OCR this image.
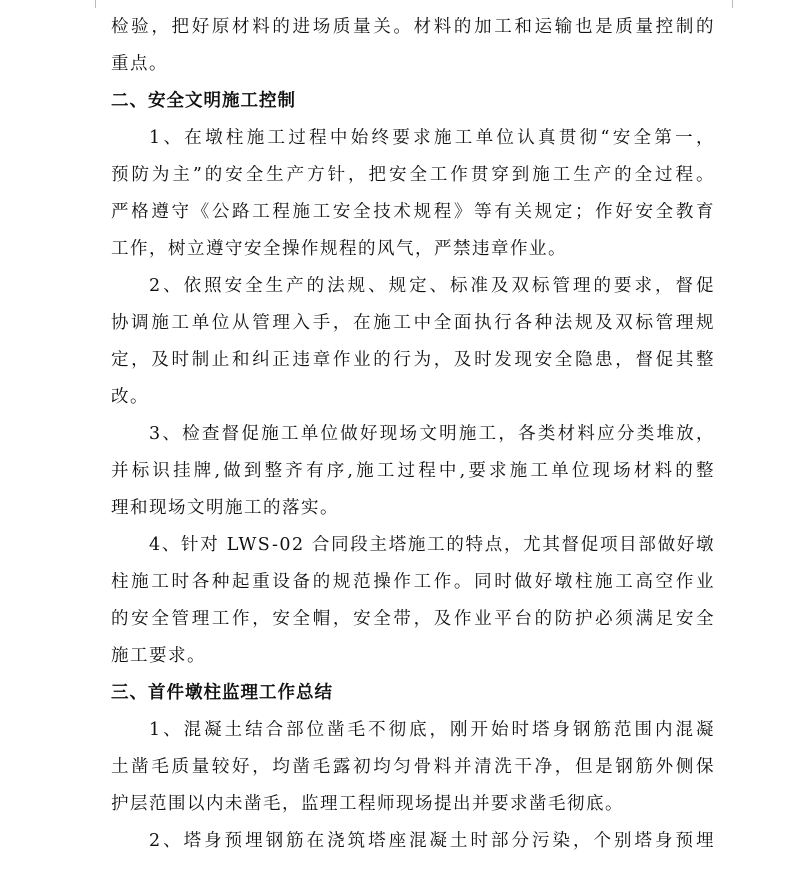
检验，把好原材料的进场质量关。材料的加工和运输也是质量控制的
重点。
二、安全文明施工控制
1、在墩柱施工过程中始终要求施工单位认真贯彻“安全第一，
预防为主”的安全生产方针，把安全工作贯穿到施工生产的全过程。
严格遵守《公路工程施工安全技术规程》等有关规定；作好安全教育
工作，树立遵守安全操作规程的风气，严禁违章作业。
2、依照安全生产的法规、规定、标准及双标管理的要求，督促
协调施工单位从管理入手，在施工中全面执行各种法规及双标管理规
定，及时制止和纠正违章作业的行为，及时发现安全隐患，督促其整
改。
3、检查督促施工单位做好现场文明施工，各类材料应分类堆放，
并标识挂牌,做到整齐有序,施工过程中,要求施工单位现场材料的整
理和现场文明施工的落实。
4、针对 LWS-02 合同段主塔施工的特点，尤其督促项目部做好墩
柱施工时各种起重设备的规范操作工作。同时做好墩柱施工高空作业
的安全管理工作，安全帽，安全带，及作业平台的防护必须满足安全
施工要求。
三、首件墩柱监理工作总结
1、混凝土结合部位凿毛不彻底，刚开始时塔身钢筋范围内混凝
土凿毛质量较好，均凿毛露初均匀骨料并清洗干净，但是钢筋外侧保
护层范围以内未凿毛，监理工程师现场提出并要求凿毛彻底。
2、塔身预埋钢筋在浇筑塔座混凝土时部分污染，个别塔身预埋
